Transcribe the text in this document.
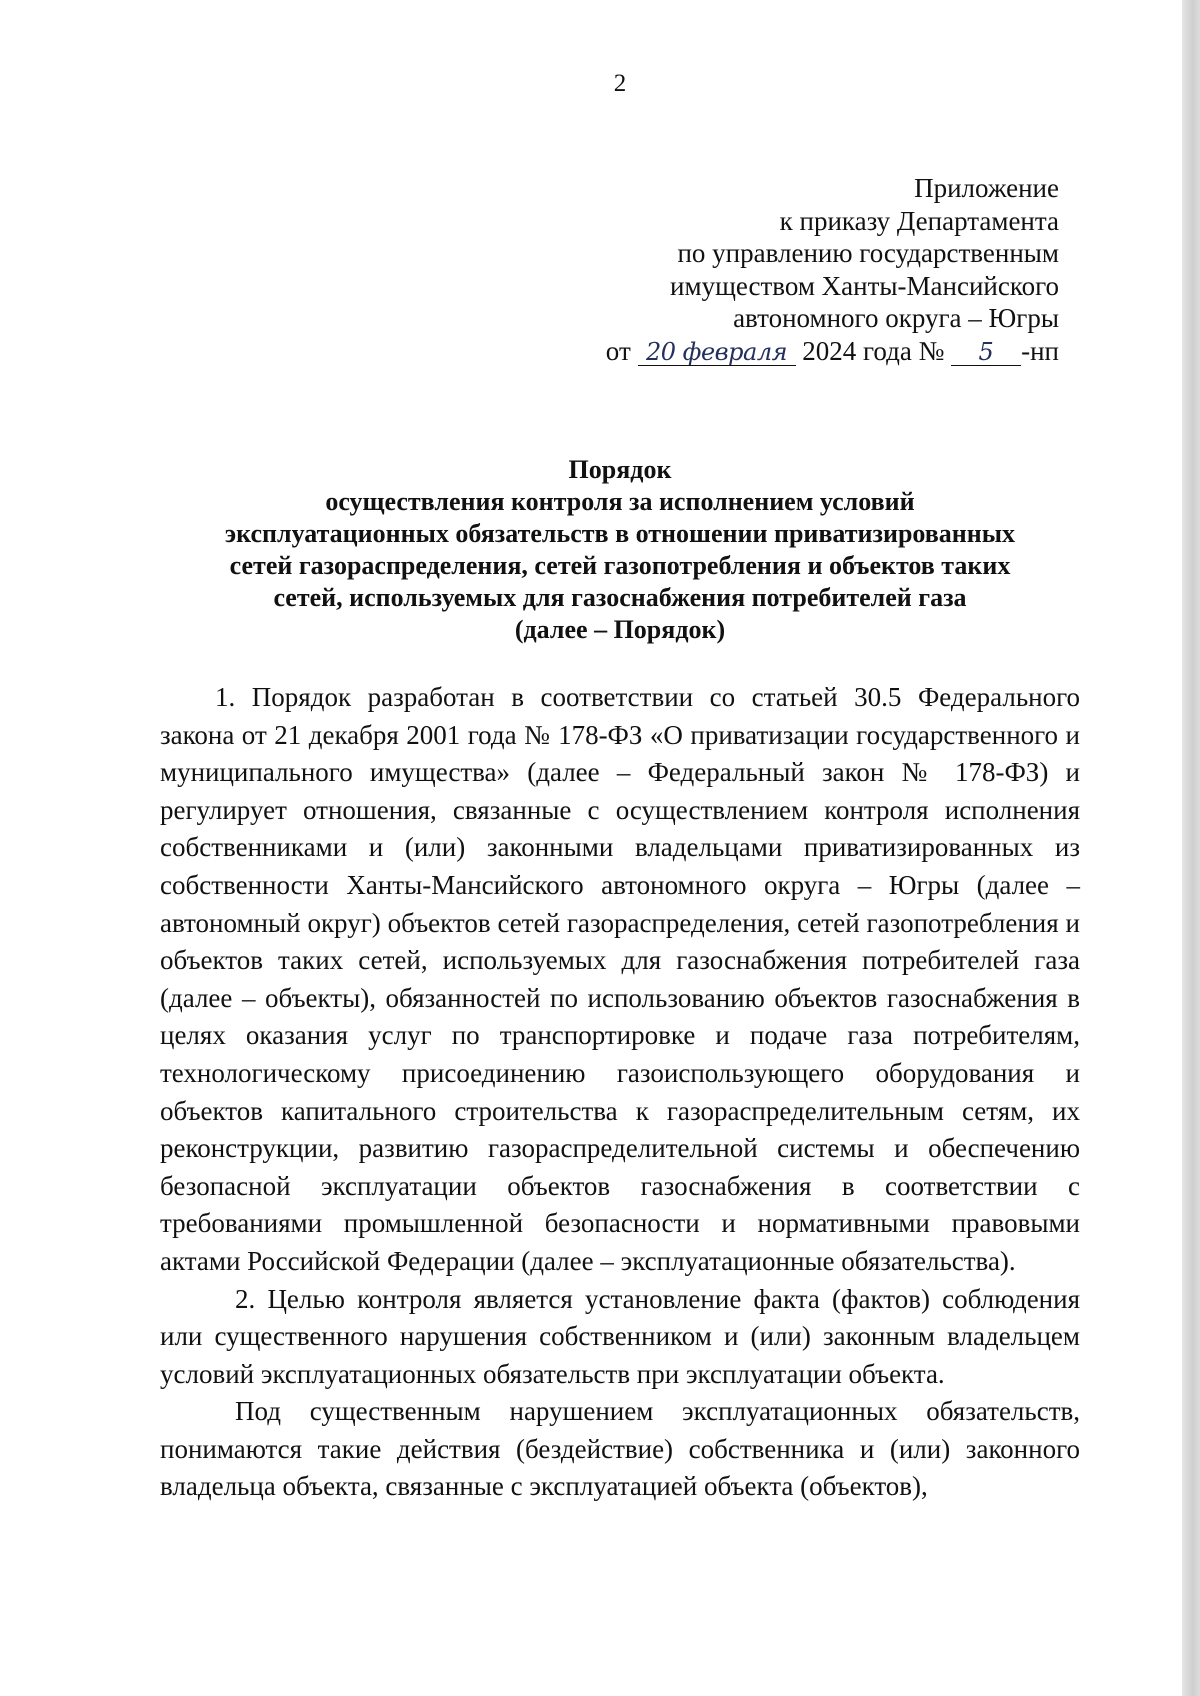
2
Приложение
к приказу Департамента
по управлению государственным
имуществом Ханты-Мансийского
автономного округа – Югры
от 20 февраля 2024 года № 5 -нп
Порядок
осуществления контроля за исполнением условий
эксплуатационных обязательств в отношении приватизированных
сетей газораспределения, сетей газопотребления и объектов таких
сетей, используемых для газоснабжения потребителей газа
(далее – Порядок)

1. Порядок разработан в соответствии со статьей 30.5 Федерального закона от 21 декабря 2001 года № 178-ФЗ «О приватизации государственного и муниципального имущества» (далее – Федеральный закон № 178-ФЗ) и регулирует отношения, связанные с осуществлением контроля исполнения собственниками и (или) законными владельцами приватизированных из собственности Ханты-Мансийского автономного округа – Югры (далее – автономный округ) объектов сетей газораспределения, сетей газопотребления и объектов таких сетей, используемых для газоснабжения потребителей газа (далее – объекты), обязанностей по использованию объектов газоснабжения в целях оказания услуг по транспортировке и подаче газа потребителям, технологическому присоединению газоиспользующего оборудования и объектов капитального строительства к газораспределительным сетям, их реконструкции, развитию газораспределительной системы и обеспечению безопасной эксплуатации объектов газоснабжения в соответствии с требованиями промышленной безопасности и нормативными правовыми актами Российской Федерации (далее – эксплуатационные обязательства).

2. Целью контроля является установление факта (фактов) соблюдения или существенного нарушения собственником и (или) законным владельцем условий эксплуатационных обязательств при эксплуатации объекта.

Под существенным нарушением эксплуатационных обязательств, понимаются такие действия (бездействие) собственника и (или) законного владельца объекта, связанные с эксплуатацией объекта (объектов),
